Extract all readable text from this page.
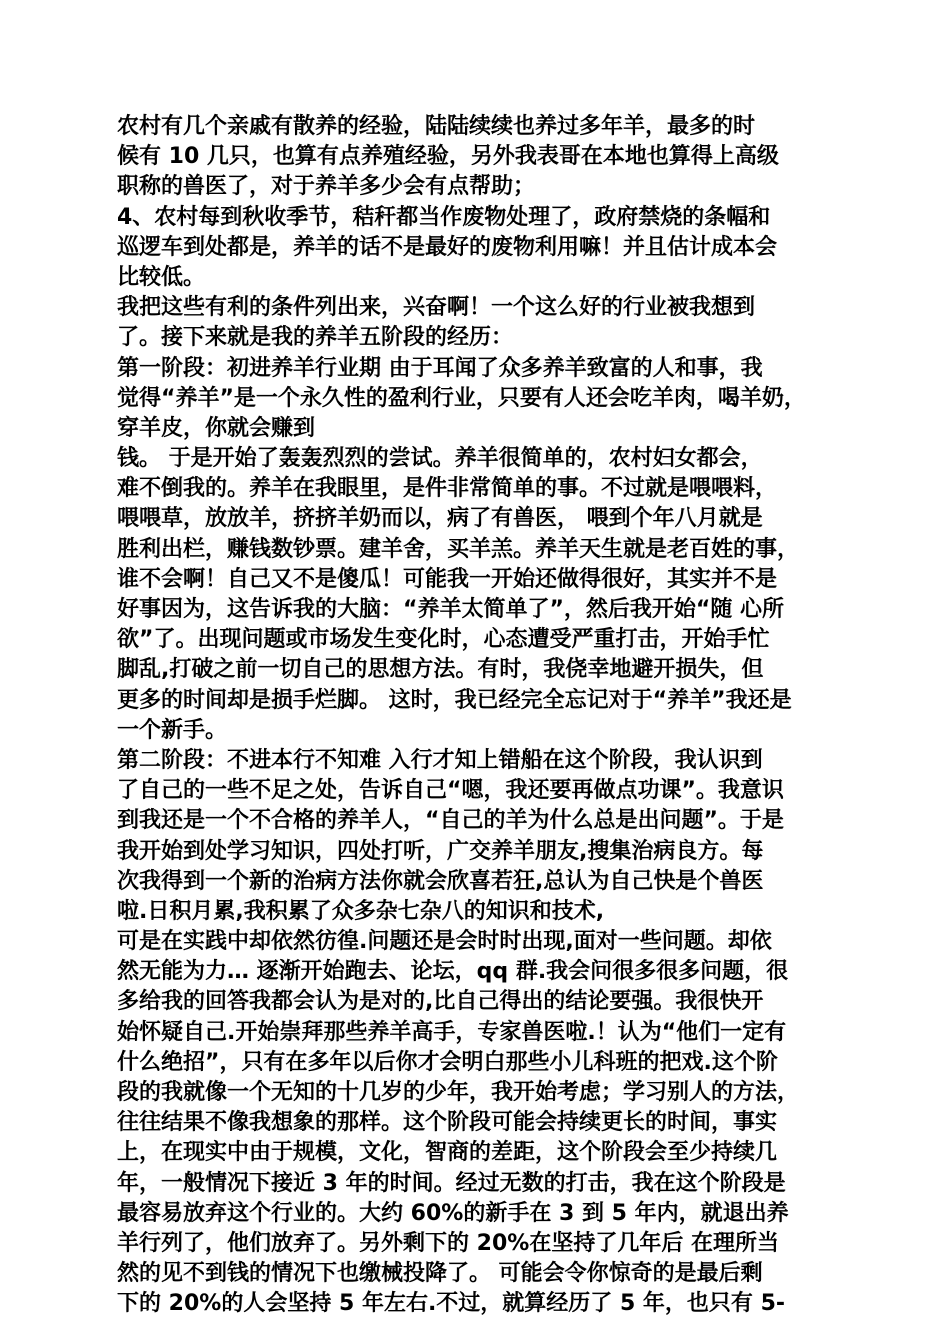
农村有几个亲戚有散养的经验，陆陆续续也养过多年羊，最多的时
候有 10 几只，也算有点养殖经验，另外我表哥在本地也算得上高级
职称的兽医了，对于养羊多少会有点帮助；
4、农村每到秋收季节，秸秆都当作废物处理了，政府禁烧的条幅和
巡逻车到处都是，养羊的话不是最好的废物利用嘛！并且估计成本会
比较低。
我把这些有利的条件列出来，兴奋啊！一个这么好的行业被我想到
了。接下来就是我的养羊五阶段的经历：
第一阶段：初进养羊行业期 由于耳闻了众多养羊致富的人和事，我
觉得“养羊”是一个永久性的盈利行业，只要有人还会吃羊肉，喝羊奶，
穿羊皮，你就会赚到
钱。 于是开始了轰轰烈烈的尝试。养羊很简单的，农村妇女都会，
难不倒我的。养羊在我眼里，是件非常简单的事。不过就是喂喂料，
喂喂草，放放羊，挤挤羊奶而以，病了有兽医， 喂到个年八月就是
胜利出栏，赚钱数钞票。建羊舍，买羊羔。养羊天生就是老百姓的事，
谁不会啊！自己又不是傻瓜！可能我一开始还做得很好，其实并不是
好事因为，这告诉我的大脑：“养羊太简单了”，然后我开始“随 心所
欲”了。出现问题或市场发生变化时，心态遭受严重打击，开始手忙
脚乱,打破之前一切自己的思想方法。有时，我侥幸地避开损失，但
更多的时间却是损手烂脚。 这时，我已经完全忘记对于“养羊”我还是
一个新手。
第二阶段：不进本行不知难 入行才知上错船在这个阶段，我认识到
了自己的一些不足之处，告诉自己“嗯，我还要再做点功课”。我意识
到我还是一个不合格的养羊人，“自己的羊为什么总是出问题”。于是
我开始到处学习知识，四处打听，广交养羊朋友,搜集治病良方。每
次我得到一个新的治病方法你就会欣喜若狂,总认为自己快是个兽医
啦.日积月累,我积累了众多杂七杂八的知识和技术,
可是在实践中却依然彷徨.问题还是会时时出现,面对一些问题。却依
然无能为力… 逐渐开始跑去、论坛，qq 群.我会问很多很多问题，很
多给我的回答我都会认为是对的,比自己得出的结论要强。我很快开
始怀疑自己.开始崇拜那些养羊高手，专家兽医啦.！认为“他们一定有
什么绝招”，只有在多年以后你才会明白那些小儿科班的把戏.这个阶
段的我就像一个无知的十几岁的少年，我开始考虑；学习别人的方法，
往往结果不像我想象的那样。这个阶段可能会持续更长的时间，事实
上，在现实中由于规模，文化，智商的差距，这个阶段会至少持续几
年，一般情况下接近 3 年的时间。经过无数的打击，我在这个阶段是
最容易放弃这个行业的。大约 60%的新手在 3 到 5 年内，就退出养
羊行列了，他们放弃了。另外剩下的 20%在坚持了几年后 在理所当
然的见不到钱的情况下也缴械投降了。 可能会令你惊奇的是最后剩
下的 20%的人会坚持 5 年左右.不过，就算经历了 5 年，也只有 5-
